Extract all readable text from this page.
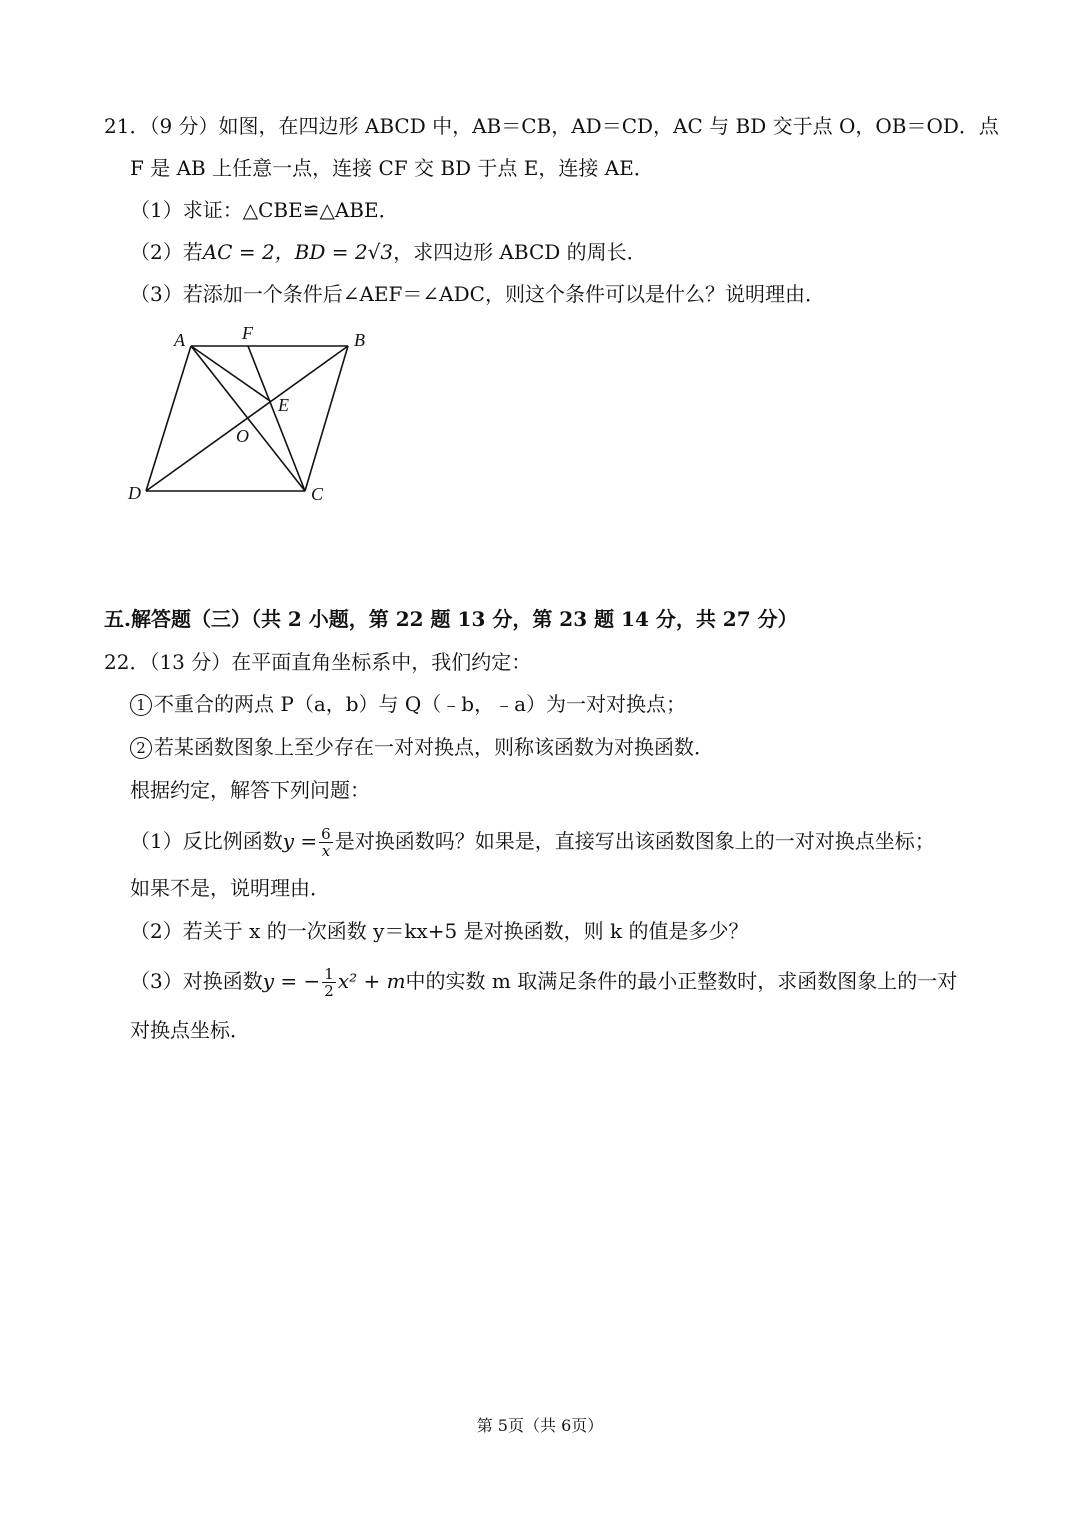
21．（9 分）如图，在四边形 ABCD 中，AB＝CB，AD＝CD，AC 与 BD 交于点 O，OB＝OD．点
F 是 AB 上任意一点，连接 CF 交 BD 于点 E，连接 AE．
（1）求证：△CBE≌△ABE．
（2）若AC = 2，BD = 2√3，求四边形 ABCD 的周长．
（3）若添加一个条件后∠AEF＝∠ADC，则这个条件可以是什么？说明理由．
A	F	B
E
O
D	C
五.解答题（三）（共 2 小题，第 22 题 13 分，第 23 题 14 分，共 27 分）
22．（13 分）在平面直角坐标系中，我们约定：
1 不重合的两点 P（a，b）与 Q（﹣b，﹣a）为一对对换点；
2 若某函数图象上至少存在一对对换点，则称该函数为对换函数．
根据约定，解答下列问题：
（1）反比例函数$y = \frac{6}{x}$ 是对换函数吗？如果是，直接写出该函数图象上的一对对换点坐标；
如果不是，说明理由．
（2）若关于 x 的一次函数 y＝kx+5 是对换函数，则 k 的值是多少？
（3）对换函数y = − $\frac{1}{2} x^2 + m$中的实数 m 取满足条件的最小正整数时，求函数图象上的一对
对换点坐标．
第 5页（共 6页）
